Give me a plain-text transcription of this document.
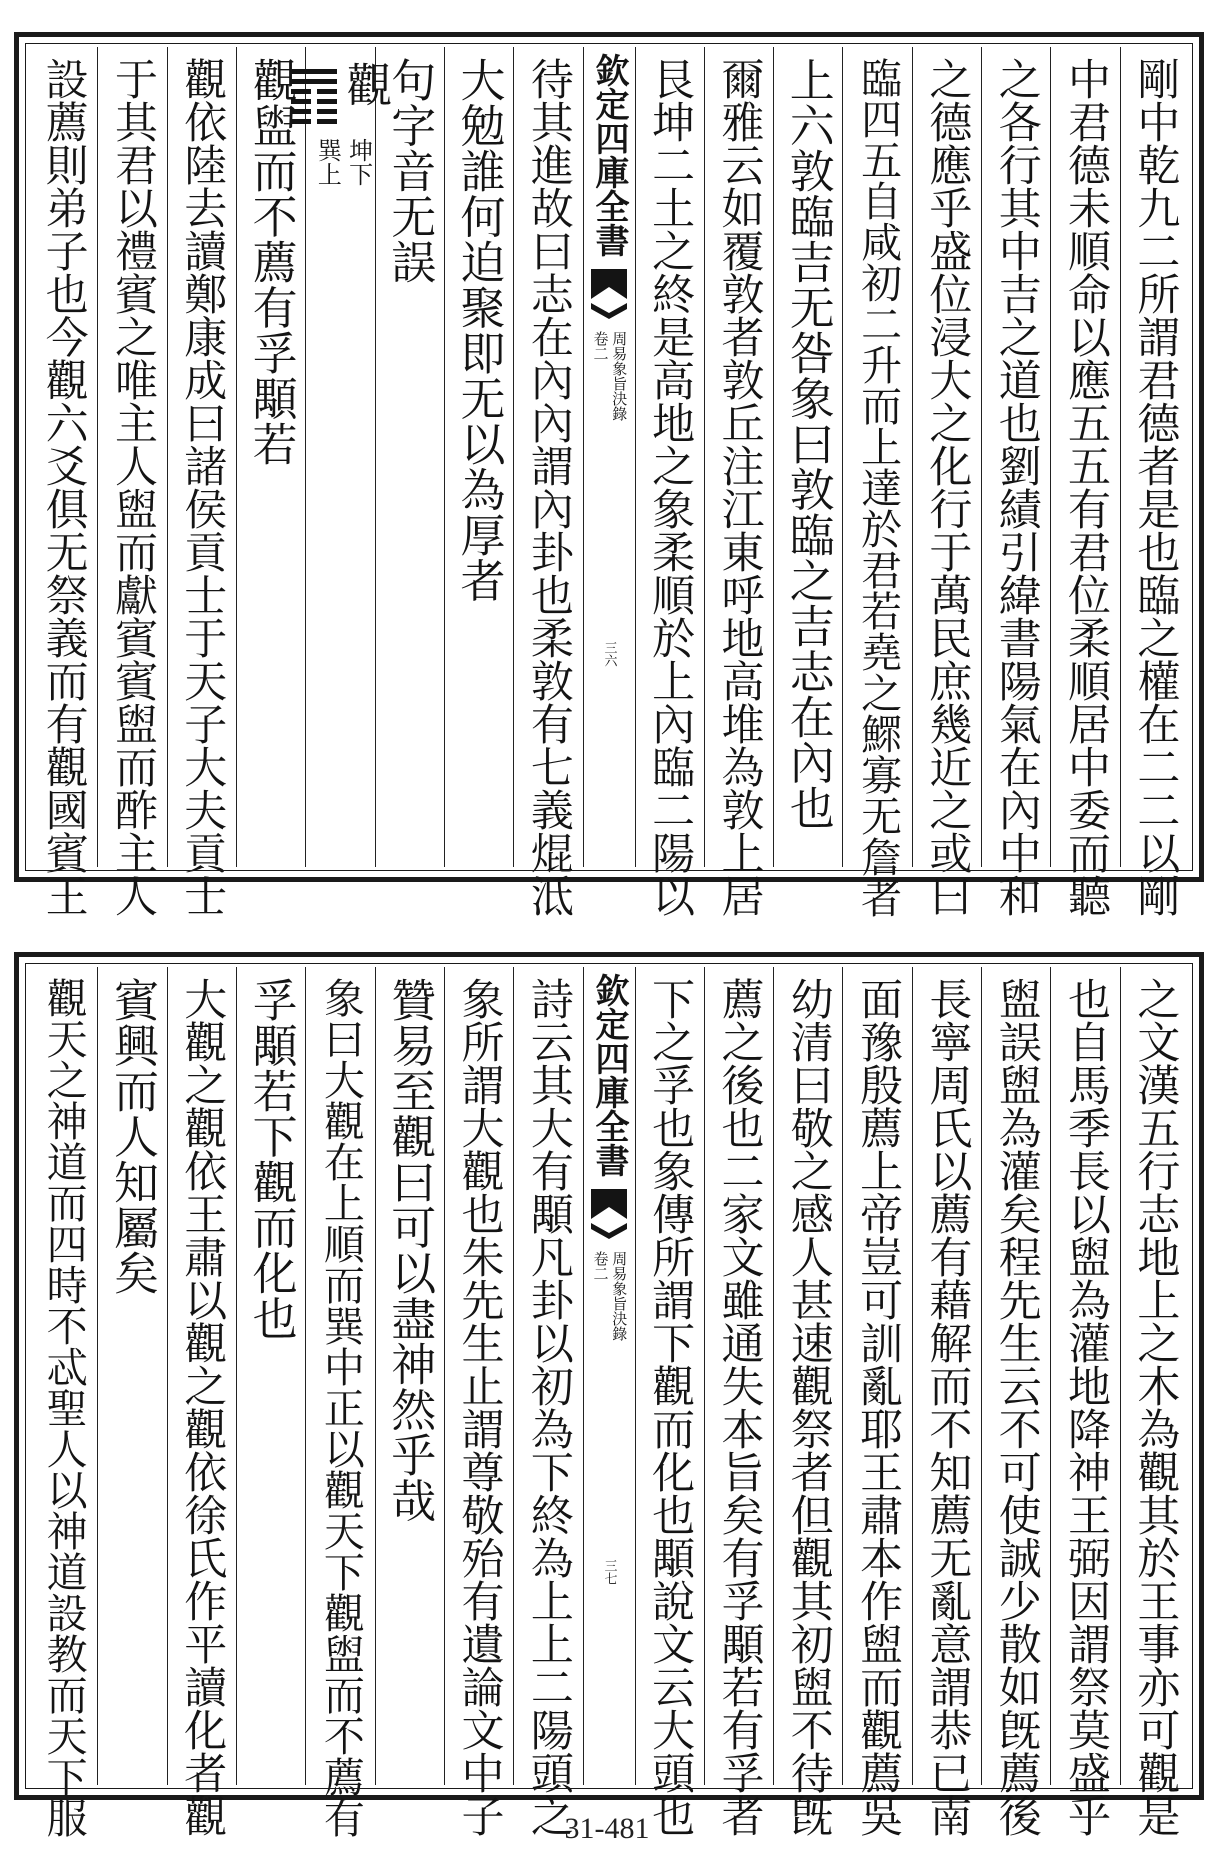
剛中乾九二所謂君德者是也臨之權在二二以剛
中君德未順命以應五五有君位柔順居中委而聽
之各行其中吉之道也劉績引緯書陽氣在內中和
之德應乎盛位浸大之化行于萬民庶幾近之或曰
臨四五自咸初二升而上達於君若堯之鰥寡无詹者
上六敦臨吉无咎象曰敦臨之吉志在內也
爾雅云如覆敦者敦丘注江東呼地高堆為敦上居
艮坤二土之終是高地之象柔順於上內臨二陽以
欽定四庫全書
周易象旨決錄
卷二
三六
待其進故曰志在內內謂內卦也柔敦有七義焜泜
大勉誰何迫聚即无以為厚者
句字音无誤
觀
坤下
巽上
觀盥而不薦有孚顒若
觀依陸去讀鄭康成曰諸侯貢士于天子大夫貢士
于其君以禮賓之唯主人盥而獻賓賓盥而酢主人
設薦則弟子也今觀六爻俱无祭義而有觀國賓王
之文漢五行志地上之木為觀其於王事亦可觀是
也自馬季長以盥為灌地降神王弼因謂祭莫盛乎
盥誤盥為灌矣程先生云不可使誠少散如旣薦後
長寧周氏以薦有藉解而不知薦无亂意謂恭已南
面豫殷薦上帝豈可訓亂耶王肅本作盥而觀薦吳
幼清曰敬之感人甚速觀祭者但觀其初盥不待旣
薦之後也二家文雖通失本旨矣有孚顒若有孚者
下之孚也象傳所謂下觀而化也顒說文云大頭也
欽定四庫全書
周易象旨決錄
卷二
三七
詩云其大有顒凡卦以初為下終為上上二陽頭之
象所謂大觀也朱先生止謂尊敬殆有遺論文中子
贊易至觀曰可以盡神然乎哉
象曰大觀在上順而巽中正以觀天下觀盥而不薦有
孚顒若下觀而化也
大觀之觀依王肅以觀之觀依徐氏作平讀化者觀
賓興而人知屬矣
觀天之神道而四時不忒聖人以神道設教而天下服	31-481
